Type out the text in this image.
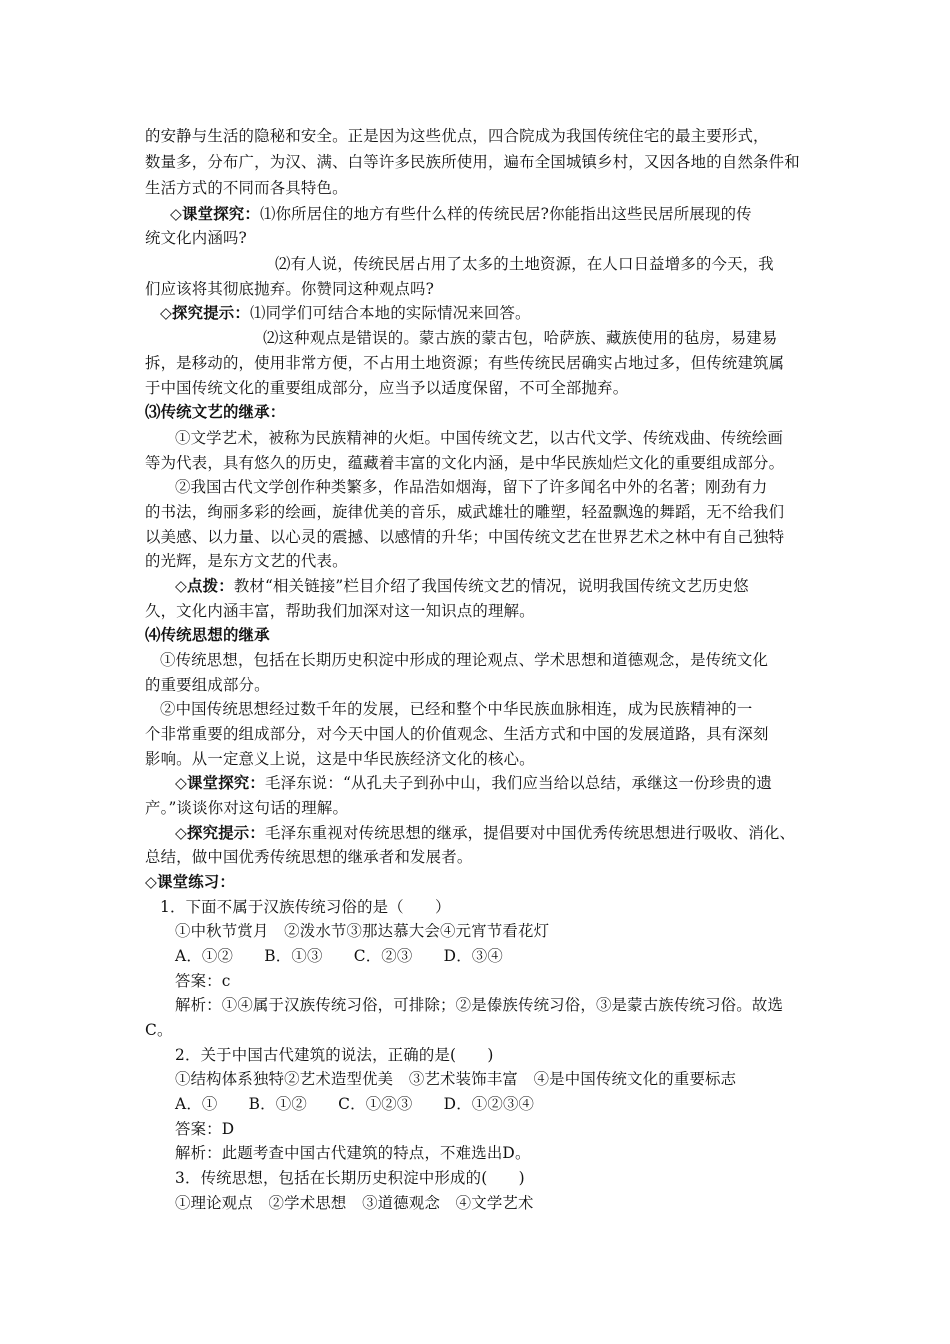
的安静与生活的隐秘和安全。正是因为这些优点，四合院成为我国传统住宅的最主要形式，
数量多，分布广，为汉、满、白等许多民族所使用，遍布全国城镇乡村，又因各地的自然条件和
生活方式的不同而各具特色。
◇课堂探究：⑴你所居住的地方有些什么样的传统民居?你能指出这些民居所展现的传
统文化内涵吗?
⑵有人说，传统民居占用了太多的土地资源，在人口日益增多的今天，我
们应该将其彻底抛弃。你赞同这种观点吗?
◇探究提示：⑴同学们可结合本地的实际情况来回答。
⑵这种观点是错误的。蒙古族的蒙古包，哈萨族、藏族使用的毡房，易建易
拆，是移动的，使用非常方便，不占用土地资源；有些传统民居确实占地过多，但传统建筑属
于中国传统文化的重要组成部分，应当予以适度保留，不可全部抛弃。
⑶传统文艺的继承：
①文学艺术，被称为民族精神的火炬。中国传统文艺，以古代文学、传统戏曲、传统绘画
等为代表，具有悠久的历史，蕴藏着丰富的文化内涵，是中华民族灿烂文化的重要组成部分。
②我国古代文学创作种类繁多，作品浩如烟海，留下了许多闻名中外的名著；刚劲有力
的书法，绚丽多彩的绘画，旋律优美的音乐，威武雄壮的雕塑，轻盈飘逸的舞蹈，无不给我们
以美感、以力量、以心灵的震撼、以感情的升华；中国传统文艺在世界艺术之林中有自己独特
的光辉，是东方文艺的代表。
◇点拨：教材“相关链接”栏目介绍了我国传统文艺的情况，说明我国传统文艺历史悠
久，文化内涵丰富，帮助我们加深对这一知识点的理解。
⑷传统思想的继承
①传统思想，包括在长期历史积淀中形成的理论观点、学术思想和道德观念，是传统文化
的重要组成部分。
②中国传统思想经过数千年的发展，已经和整个中华民族血脉相连，成为民族精神的一
个非常重要的组成部分，对今天中国人的价值观念、生活方式和中国的发展道路，具有深刻
影响。从一定意义上说，这是中华民族经济文化的核心。
◇课堂探究：毛泽东说：“从孔夫子到孙中山，我们应当给以总结，承继这一份珍贵的遗
产。”谈谈你对这句话的理解。
◇探究提示：毛泽东重视对传统思想的继承，提倡要对中国优秀传统思想进行吸收、消化、
总结，做中国优秀传统思想的继承者和发展者。
◇课堂练习：
1．下面不属于汉族传统习俗的是（　　）
①中秋节赏月　②泼水节③那达慕大会④元宵节看花灯
A．①②　　B．①③　　C．②③　　D．③④
答案：c
解析：①④属于汉族传统习俗，可排除；②是傣族传统习俗，③是蒙古族传统习俗。故选
C。
2．关于中国古代建筑的说法，正确的是(　　)
①结构体系独特②艺术造型优美　③艺术装饰丰富　④是中国传统文化的重要标志
A．①　　B．①②　　C．①②③　　D．①②③④
答案：D
解析：此题考查中国古代建筑的特点，不难选出D。
3．传统思想，包括在长期历史积淀中形成的(　　)
①理论观点　②学术思想　③道德观念　④文学艺术
